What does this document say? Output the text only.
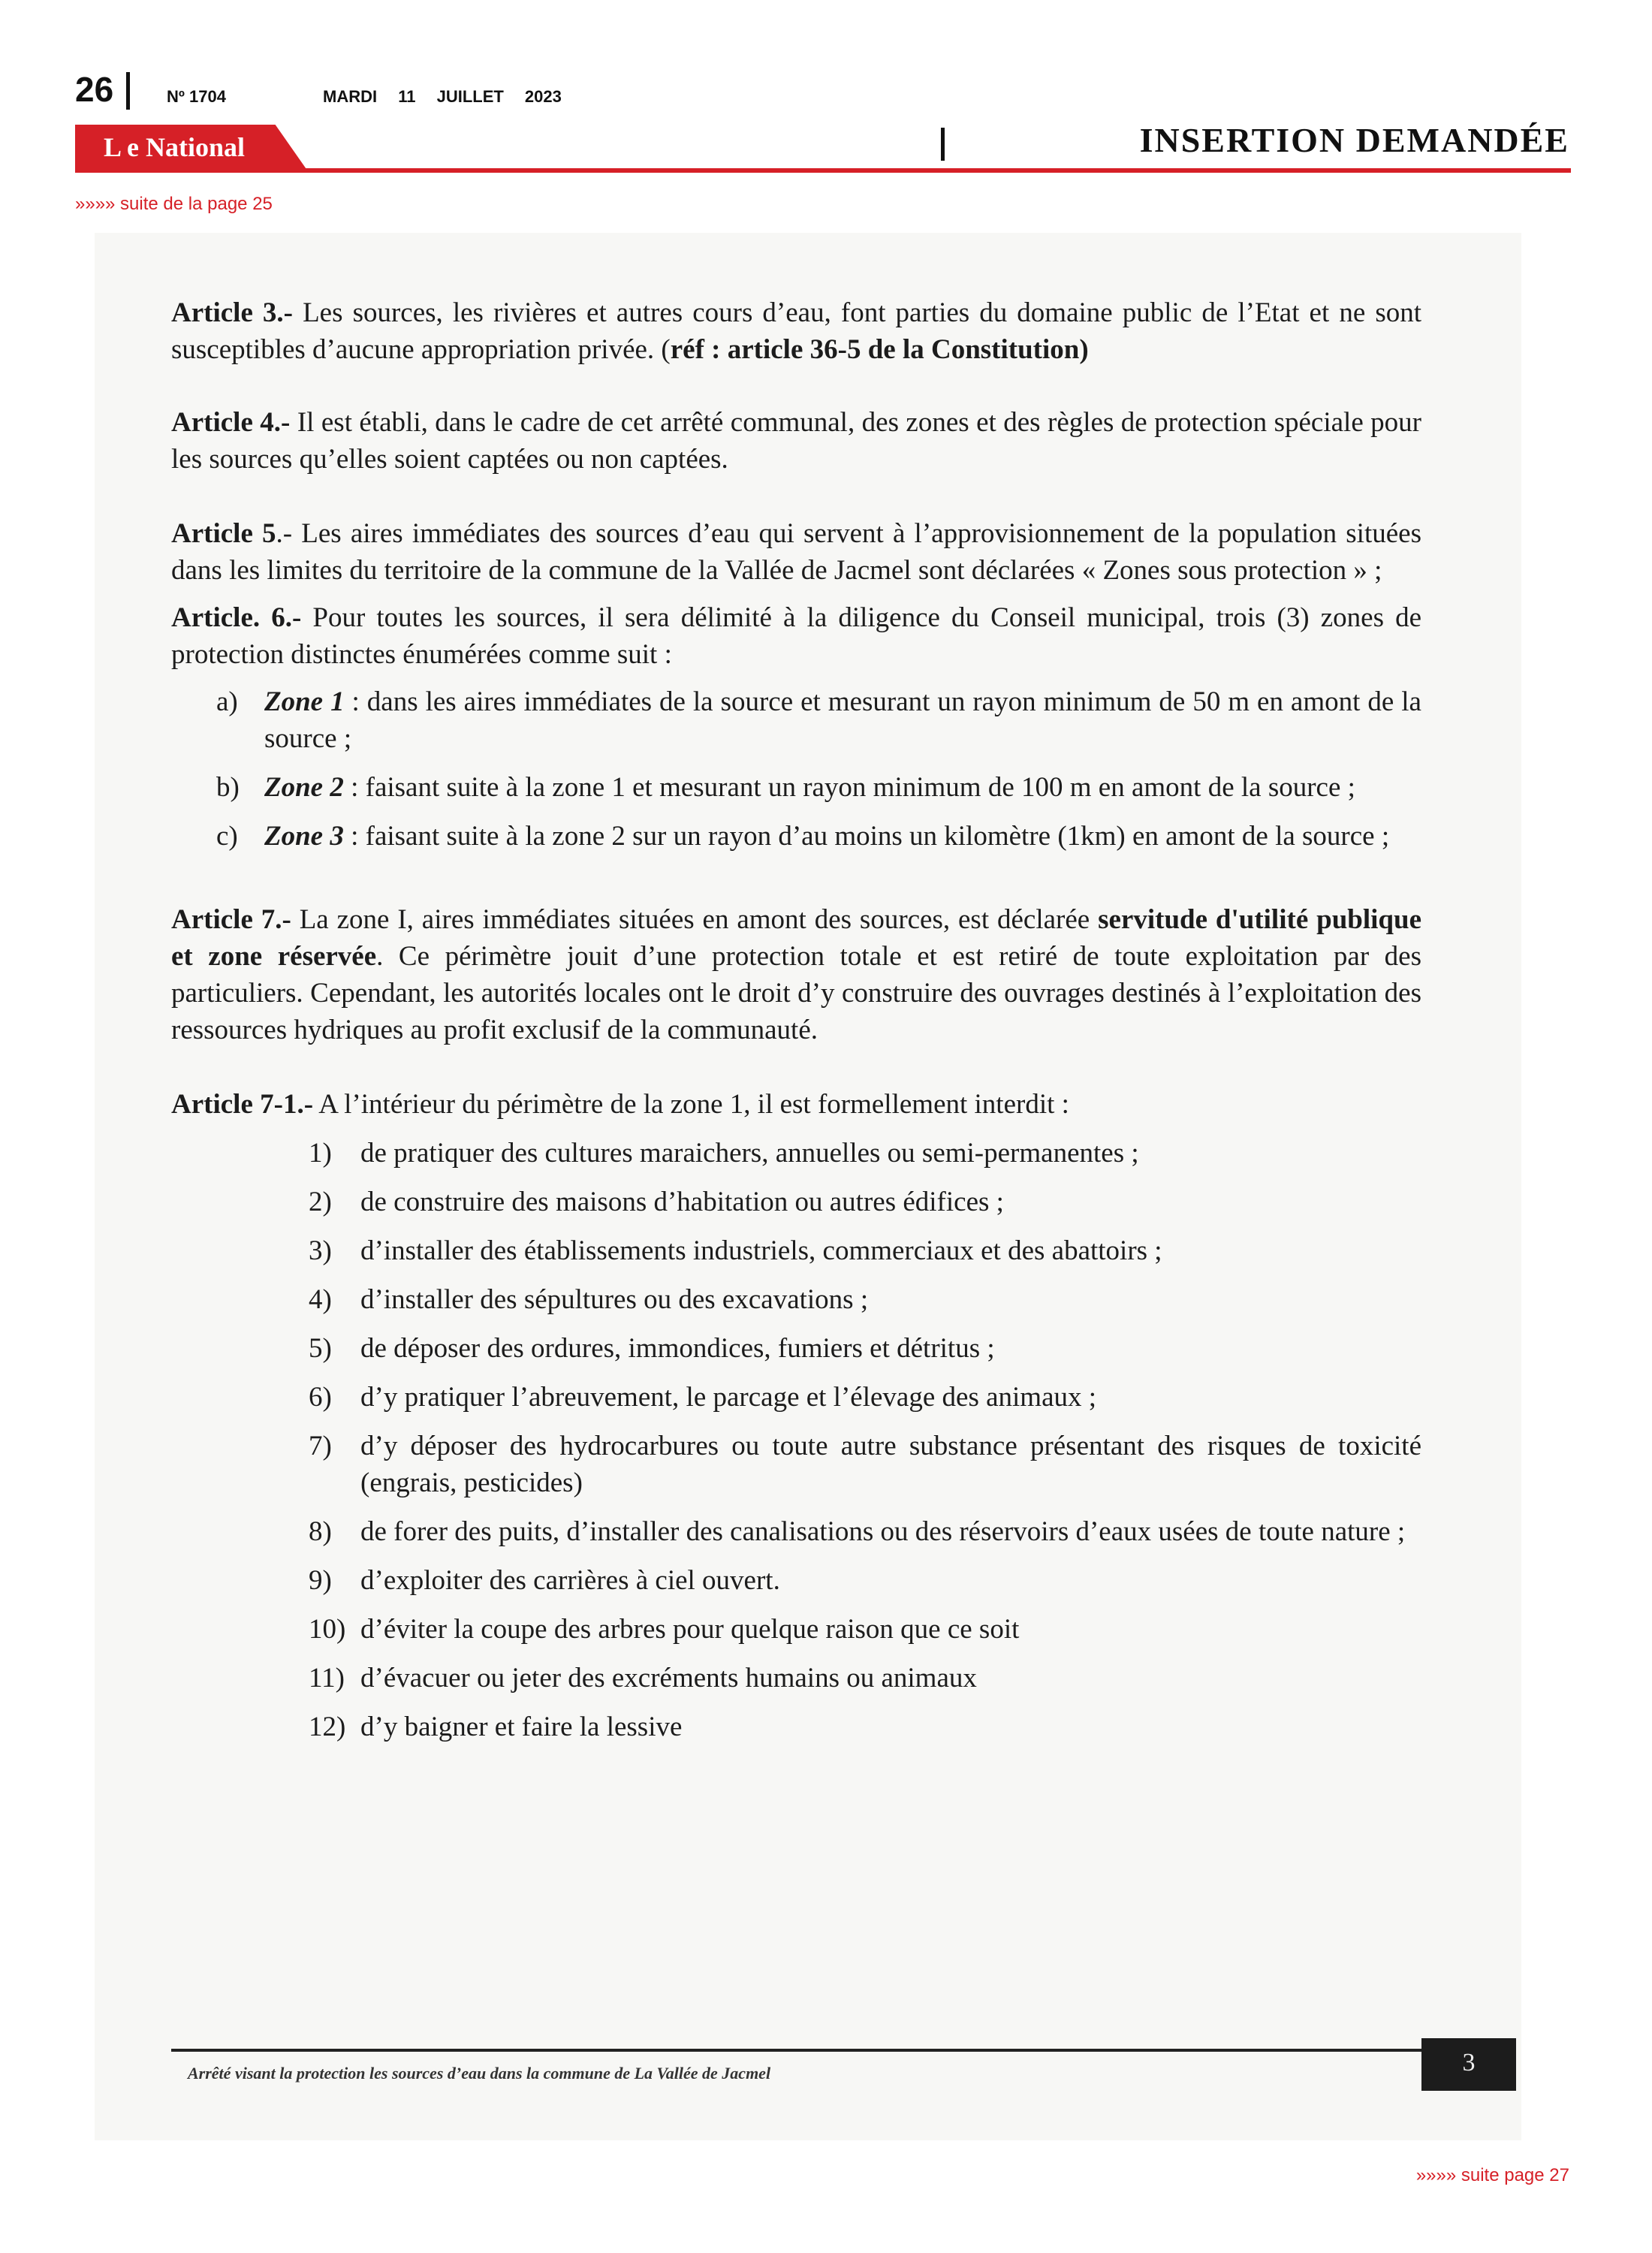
26	Nº 1704	MARDI 11 JUILLET 2023
L e National	INSERTION DEMANDÉE
»»»» suite de la page 25

Article 3.- Les sources, les rivières et autres cours d’eau, font parties du domaine public de l’Etat et ne sont susceptibles d’aucune appropriation privée. (réf : article 36-5 de la Constitution)

Article 4.- Il est établi, dans le cadre de cet arrêté communal, des zones et des règles de protection spéciale pour les sources qu’elles soient captées ou non captées.

Article 5.- Les aires immédiates des sources d’eau qui servent à l’approvisionnement de la population situées dans les limites du territoire de la commune de la Vallée de Jacmel sont déclarées « Zones sous protection » ;

Article. 6.- Pour toutes les sources, il sera délimité à la diligence du Conseil municipal, trois (3) zones de protection distinctes énumérées comme suit :

a) Zone 1 : dans les aires immédiates de la source et mesurant un rayon minimum de 50 m en amont de la source ;

b) Zone 2 : faisant suite à la zone 1 et mesurant un rayon minimum de 100 m en amont de la source ;

c) Zone 3 : faisant suite à la zone 2 sur un rayon d’au moins un kilomètre (1km) en amont de la source ;

Article 7.- La zone I, aires immédiates situées en amont des sources, est déclarée servitude d'utilité publique et zone réservée. Ce périmètre jouit d’une protection totale et est retiré de toute exploitation par des particuliers. Cependant, les autorités locales ont le droit d’y construire des ouvrages destinés à l’exploitation des ressources hydriques au profit exclusif de la communauté.

Article 7-1.- A l’intérieur du périmètre de la zone 1, il est formellement interdit :

1) de pratiquer des cultures maraichers, annuelles ou semi-permanentes ;

2) de construire des maisons d’habitation ou autres édifices ;

3) d’installer des établissements industriels, commerciaux et des abattoirs ;

4) d’installer des sépultures ou des excavations ;

5) de déposer des ordures, immondices, fumiers et détritus ;

6) d’y pratiquer l’abreuvement, le parcage et l’élevage des animaux ;

7) d’y déposer des hydrocarbures ou toute autre substance présentant des risques de toxicité (engrais, pesticides)

8) de forer des puits, d’installer des canalisations ou des réservoirs d’eaux usées de toute nature ;

9) d’exploiter des carrières à ciel ouvert.

10) d’éviter la coupe des arbres pour quelque raison que ce soit

11) d’évacuer ou jeter des excréments humains ou animaux

12) d’y baigner et faire la lessive

Arrêté visant la protection les sources d’eau dans la commune de La Vallée de Jacmel	3
»»»» suite page 27
